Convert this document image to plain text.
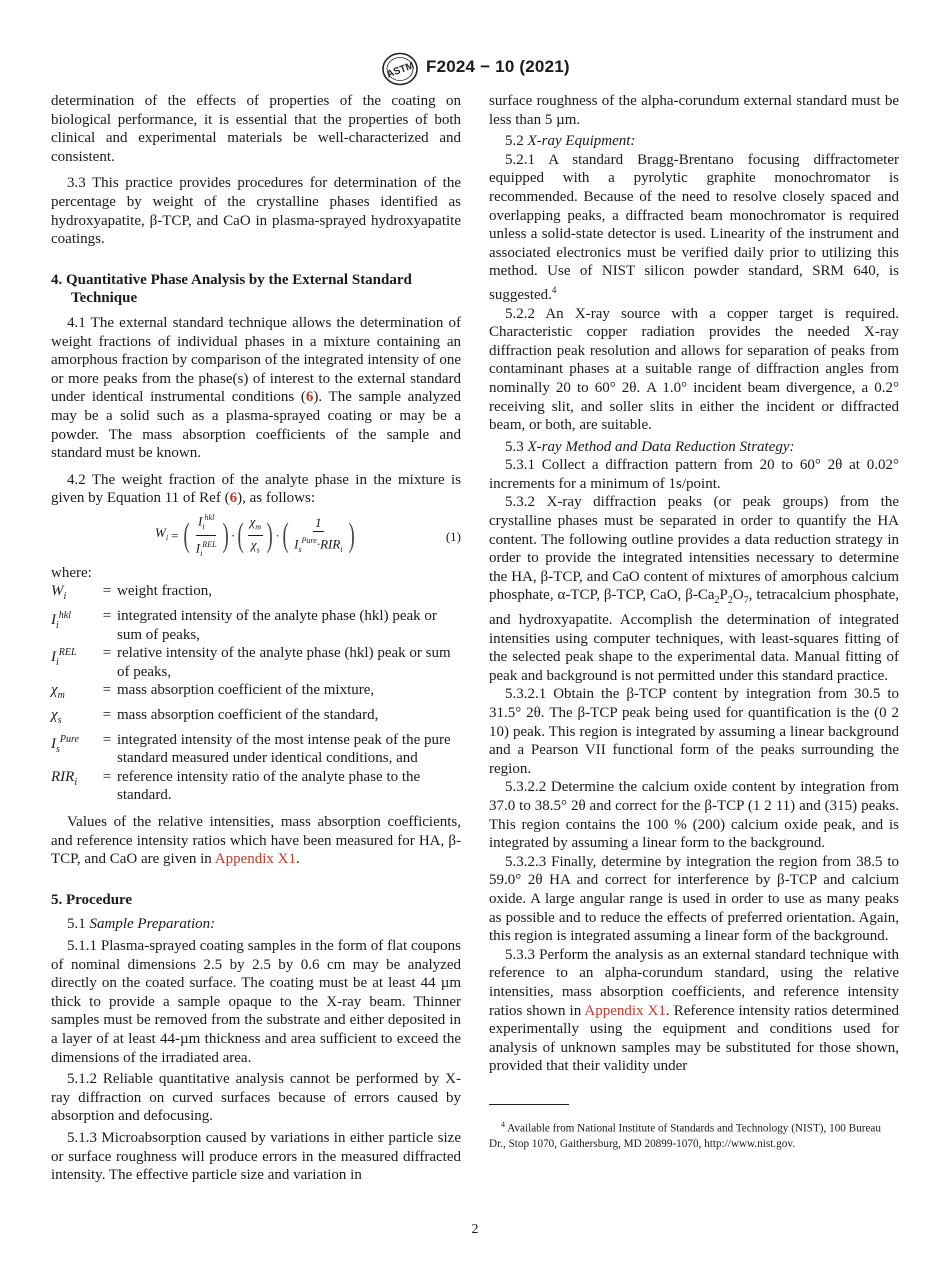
ASTM F2024 − 10 (2021)

determination of the effects of properties of the coating on biological performance, it is essential that the properties of both clinical and experimental materials be well-characterized and consistent.

3.3 This practice provides procedures for determination of the percentage by weight of the crystalline phases identified as hydroxyapatite, β-TCP, and CaO in plasma-sprayed hydroxyapatite coatings.

4. Quantitative Phase Analysis by the External Standard Technique

4.1 The external standard technique allows the determination of weight fractions of individual phases in a mixture containing an amorphous fraction by comparison of the integrated intensity of one or more peaks from the phase(s) of interest to the external standard under identical instrumental conditions (6). The sample analyzed may be a solid such as a plasma-sprayed coating or may be a powder. The mass absorption coefficients of the sample and standard must be known.

4.2 The weight fraction of the analyte phase in the mixture is given by Equation 11 of Ref (6), as follows:

$W_i$ = ( $\frac{I_i^{hkl}}{I_i^{REL}}$ ) · ( $\frac{\chi_m}{\chi_s}$ ) · ( $\frac{1}{I_s^{Pure}\cdot RIR_i}$ )	(1)

where:

$W_i$	=	weight fraction,
$I_i^{hkl}$	=	integrated intensity of the analyte phase (hkl) peak or sum of peaks,
$I_i^{REL}$	=	relative intensity of the analyte phase (hkl) peak or sum of peaks,
$\chi_m$	=	mass absorption coefficient of the mixture,
$\chi_s$	=	mass absorption coefficient of the standard,
$I_s^{Pure}$	=	integrated intensity of the most intense peak of the pure standard measured under identical conditions, and
$RIR_i$	=	reference intensity ratio of the analyte phase to the standard.

Values of the relative intensities, mass absorption coefficients, and reference intensity ratios which have been measured for HA, β-TCP, and CaO are given in Appendix X1.

5. Procedure

5.1 Sample Preparation:

5.1.1 Plasma-sprayed coating samples in the form of flat coupons of nominal dimensions 2.5 by 2.5 by 0.6 cm may be analyzed directly on the coated surface. The coating must be at least 44 µm thick to provide a sample opaque to the X-ray beam. Thinner samples must be removed from the substrate and either deposited in a layer of at least 44-µm thickness and area sufficient to exceed the dimensions of the irradiated area.

5.1.2 Reliable quantitative analysis cannot be performed by X-ray diffraction on curved surfaces because of errors caused by absorption and defocusing.

5.1.3 Microabsorption caused by variations in either particle size or surface roughness will produce errors in the measured diffracted intensity. The effective particle size and variation in

surface roughness of the alpha-corundum external standard must be less than 5 µm.

5.2 X-ray Equipment:

5.2.1 A standard Bragg-Brentano focusing diffractometer equipped with a pyrolytic graphite monochromator is recommended. Because of the need to resolve closely spaced and overlapping peaks, a diffracted beam monochromator is required unless a solid-state detector is used. Linearity of the instrument and associated electronics must be verified daily prior to utilizing this method. Use of NIST silicon powder standard, SRM 640, is suggested.$^4$

5.2.2 An X-ray source with a copper target is required. Characteristic copper radiation provides the needed X-ray diffraction peak resolution and allows for separation of peaks from contaminant phases at a suitable range of diffraction angles from nominally 20 to 60° 2θ. A 1.0° incident beam divergence, a 0.2° receiving slit, and soller slits in either the incident or diffracted beam, or both, are suitable.

5.3 X-ray Method and Data Reduction Strategy:

5.3.1 Collect a diffraction pattern from 20 to 60° 2θ at 0.02° increments for a minimum of 1s/point.

5.3.2 X-ray diffraction peaks (or peak groups) from the crystalline phases must be separated in order to quantify the HA content. The following outline provides a data reduction strategy in order to provide the integrated intensities necessary to determine the HA, β-TCP, and CaO content of mixtures of amorphous calcium phosphate, α-TCP, β-TCP, CaO, $\beta-Ca_2P_2O_7$, tetracalcium phosphate, and hydroxyapatite. Accomplish the determination of integrated intensities using computer techniques, with least-squares fitting of the selected peak shape to the experimental data. Manual fitting of peak and background is not permitted under this standard practice.

5.3.2.1 Obtain the β-TCP content by integration from 30.5 to 31.5° 2θ. The β-TCP peak being used for quantification is the (0 2 10) peak. This region is integrated by assuming a linear background and a Pearson VII functional form of the peaks surrounding the region.

5.3.2.2 Determine the calcium oxide content by integration from 37.0 to 38.5° 2θ and correct for the β-TCP (1 2 11) and (315) peaks. This region contains the 100 % (200) calcium oxide peak, and is integrated by assuming a linear form to the background.

5.3.2.3 Finally, determine by integration the region from 38.5 to 59.0° 2θ HA and correct for interference by β-TCP and calcium oxide. A large angular range is used in order to use as many peaks as possible and to reduce the effects of preferred orientation. Again, this region is integrated assuming a linear form of the background.

5.3.3 Perform the analysis as an external standard technique with reference to an alpha-corundum standard, using the relative intensities, mass absorption coefficients, and reference intensity ratios shown in Appendix X1. Reference intensity ratios determined experimentally using the equipment and conditions used for analysis of unknown samples may be substituted for those shown, provided that their validity under

$^4$ Available from National Institute of Standards and Technology (NIST), 100 Bureau Dr., Stop 1070, Gaithersburg, MD 20899-1070, http://www.nist.gov.

2
